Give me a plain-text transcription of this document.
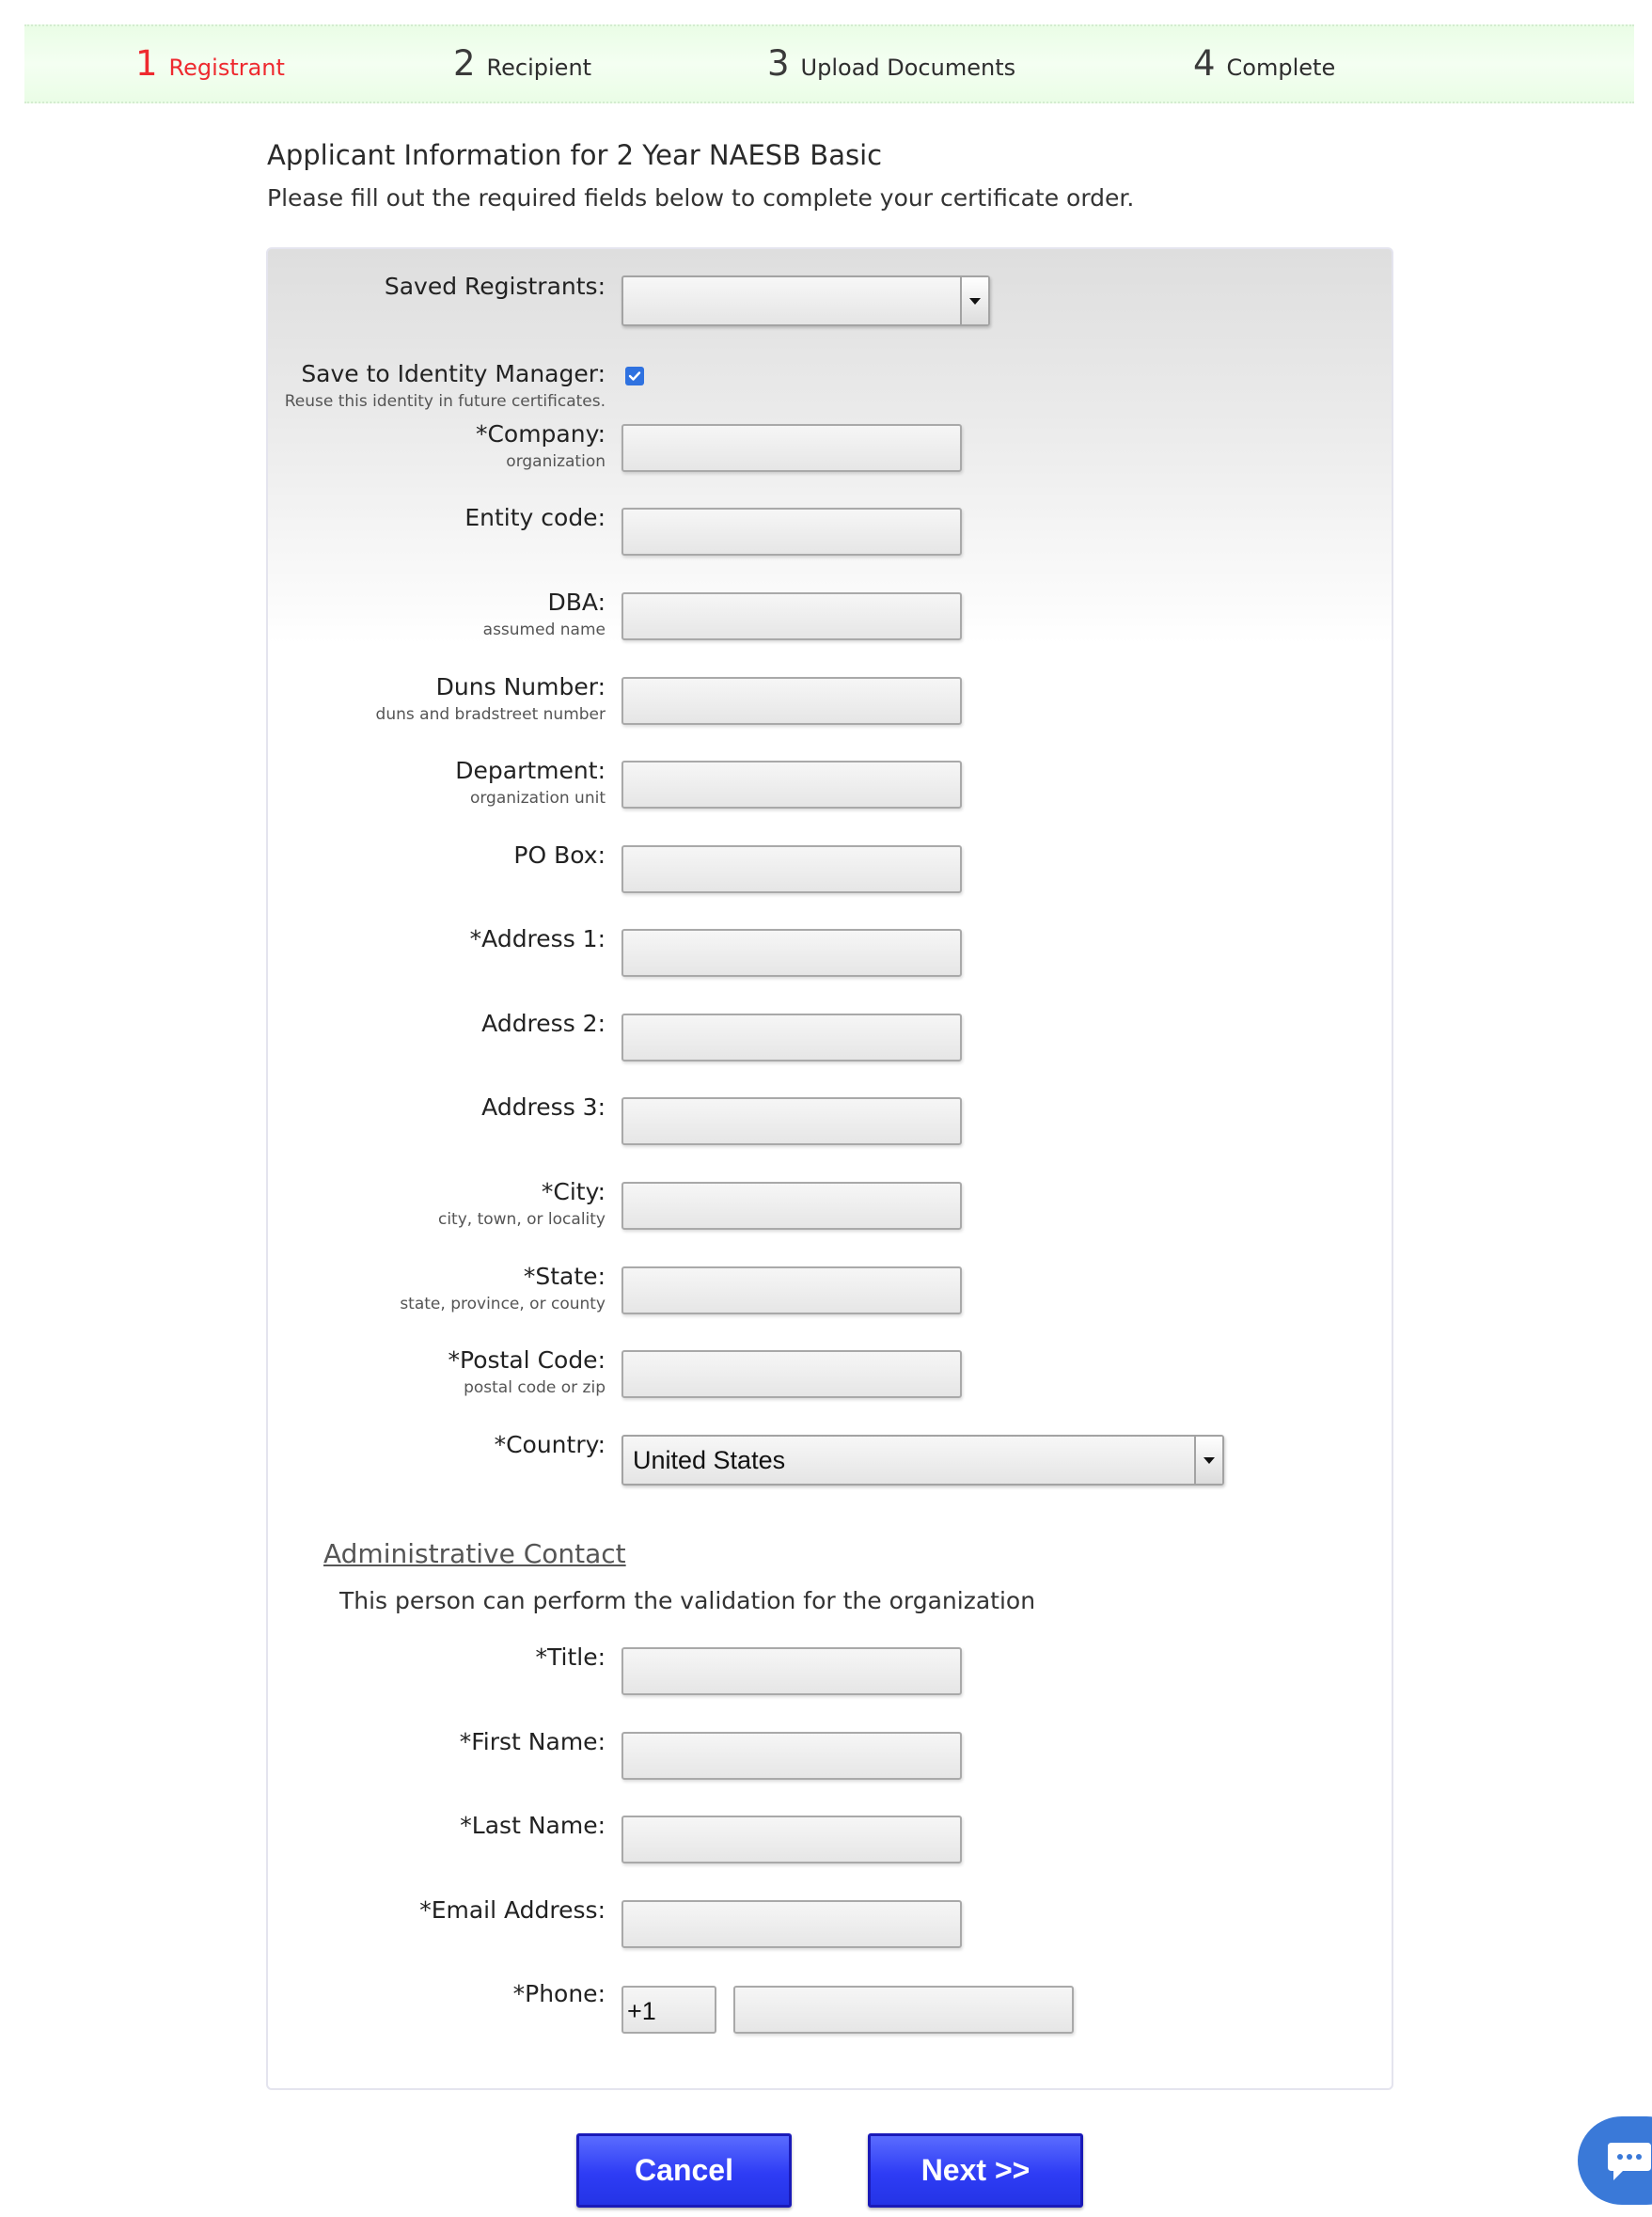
1 Registrant	2 Recipient	3 Upload Documents	4 Complete
Applicant Information for 2 Year NAESB Basic
Please fill out the required fields below to complete your certificate order.
Saved Registrants:
Save to Identity Manager:
Reuse this identity in future certificates.
*Company:
organization
Entity code:
DBA:
assumed name
Duns Number:
duns and bradstreet number
Department:
organization unit
PO Box:
*Address 1:
Address 2:
Address 3:
*City:
city, town, or locality
*State:
state, province, or county
*Postal Code:
postal code or zip
*Country:
United States
Administrative Contact
This person can perform the validation for the organization
*Title:
*First Name:
*Last Name:
*Email Address:
*Phone:
+1
Cancel	Next >>
